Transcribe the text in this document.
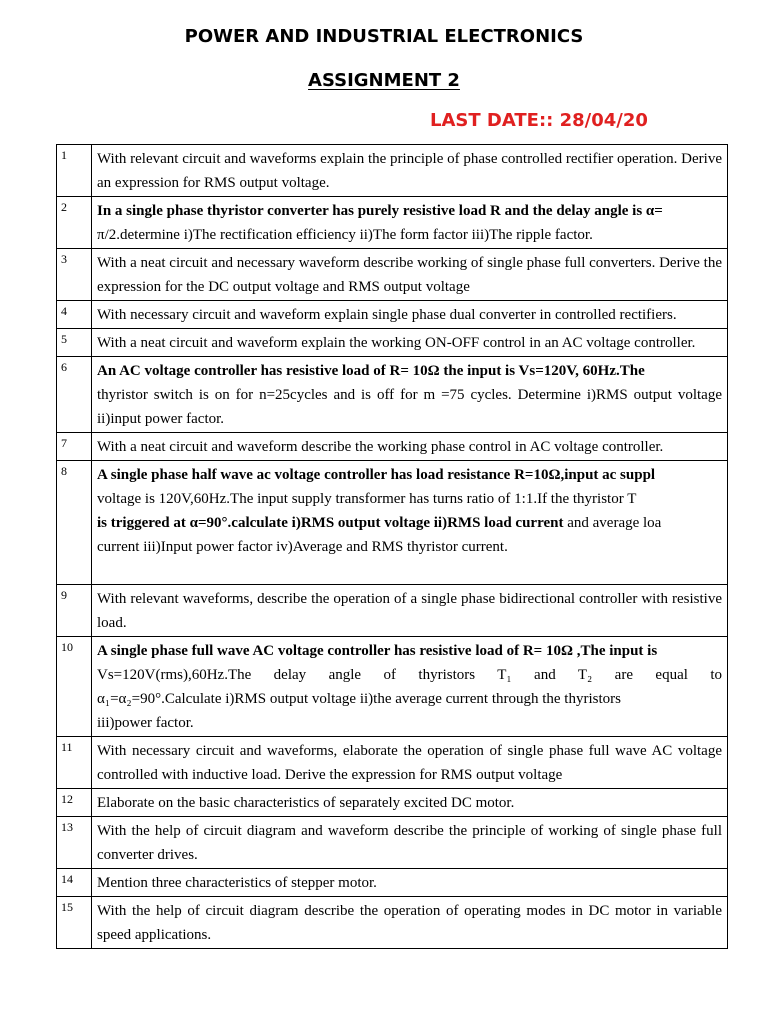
POWER AND INDUSTRIAL ELECTRONICS
ASSIGNMENT 2
LAST DATE:: 28/04/20
1	With relevant circuit and waveforms explain the principle of phase controlled rectifier operation. Derive an expression for RMS output voltage.
2	In a single phase thyristor converter has purely resistive load R and the delay angle is α=
π/2.determine i)The rectification efficiency ii)The form factor iii)The ripple factor.

3	With a neat circuit and necessary waveform describe working of single phase full converters. Derive the expression for the DC output voltage and RMS output voltage
4	With necessary circuit and waveform explain single phase dual converter in controlled rectifiers.
5	With a neat circuit and waveform explain the working ON-OFF control in an AC voltage controller.
6	An AC voltage controller has resistive load of R= 10Ω the input is Vs=120V, 60Hz.The
thyristor switch is on for n=25cycles and is off for m =75 cycles. Determine i)RMS output voltage ii)input power factor.

7	With a neat circuit and waveform describe the working phase control in AC voltage controller.
8	A single phase half wave ac voltage controller has load resistance R=10Ω,input ac suppl
voltage is 120V,60Hz.The input supply transformer has turns ratio of 1:1.If the thyristor T
is triggered at α=90°.calculate i)RMS output voltage ii)RMS load current and average loa
current iii)Input power factor iv)Average and RMS thyristor current.

9	With relevant waveforms, describe the operation of a single phase bidirectional controller with resistive load.
10	A single phase full wave AC voltage controller has resistive load of R= 10Ω ,The input is
Vs=120V(rms),60Hz.The delay angle of thyristors T₁ and T₂ are equal to
α₁=α₂=90°.Calculate i)RMS output voltage ii)the average current through the thyristors
iii)power factor.

11	With necessary circuit and waveforms, elaborate the operation of single phase full wave AC voltage controlled with inductive load. Derive the expression for RMS output voltage
12	Elaborate on the basic characteristics of separately excited DC motor.
13	With the help of circuit diagram and waveform describe the principle of working of single phase full converter drives.
14	Mention three characteristics of stepper motor.
15	With the help of circuit diagram describe the operation of operating modes in DC motor in variable speed applications.
